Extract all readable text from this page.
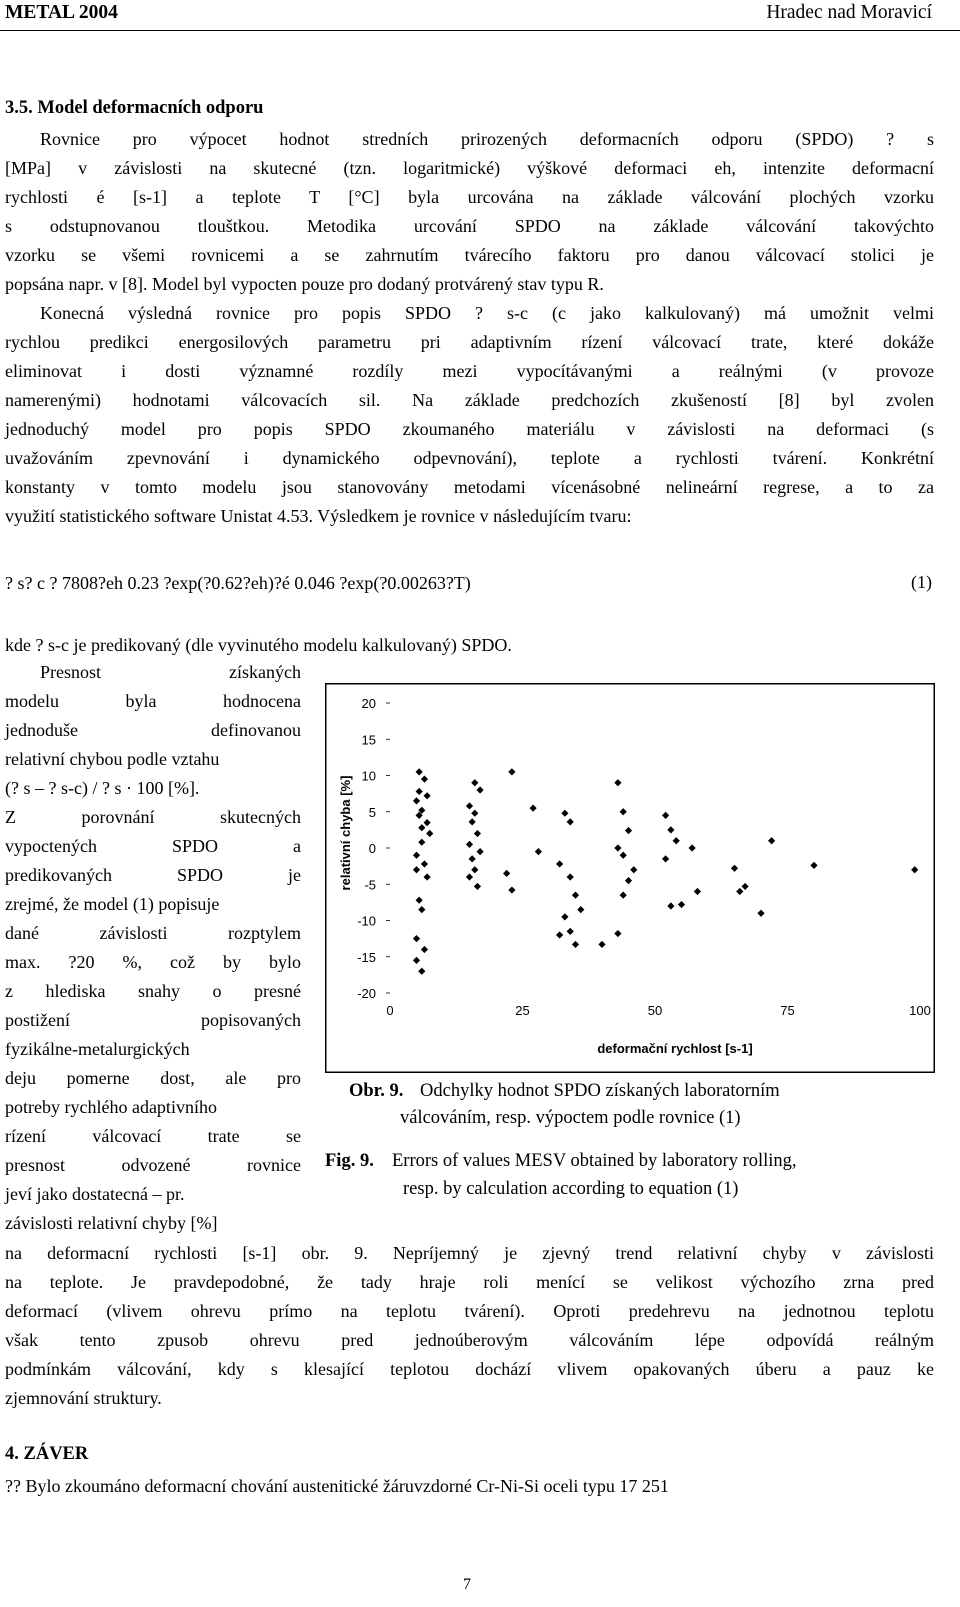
METAL 2004	Hradec nad Moravicí
3.5. Model deformacních odporu
Rovnice pro výpocet hodnot stredních prirozených deformacních odporu (SPDO) ? s
[MPa] v závislosti na skutecné (tzn. logaritmické) výškové deformaci eh, intenzite deformacní
rychlosti é [s-1] a teplote T [°C] byla urcována na základe válcování plochých vzorku
s odstupnovanou tlouštkou. Metodika urcování SPDO na základe válcování takovýchto
vzorku se všemi rovnicemi a se zahrnutím tvárecího faktoru pro danou válcovací stolici je
popsána napr. v [8]. Model byl vypocten pouze pro dodaný protvárený stav typu R.
Konecná výsledná rovnice pro popis SPDO ? s-c (c jako kalkulovaný) má umožnit velmi
rychlou predikci energosilových parametru pri adaptivním rízení válcovací trate, které dokáže
eliminovat i dosti významné rozdíly mezi vypocítávanými a reálnými (v provoze
namerenými) hodnotami válcovacích sil. Na základe predchozích zkušeností [8] byl zvolen
jednoduchý model pro popis SPDO zkoumaného materiálu v závislosti na deformaci (s
uvažováním zpevnování i dynamického odpevnování), teplote a rychlosti tvárení. Konkrétní
konstanty v tomto modelu jsou stanovovány metodami vícenásobné nelineární regrese, a to za
využití statistického software Unistat 4.53. Výsledkem je rovnice v následujícím tvaru:
? s? c ? 7808?eh 0.23 ?exp(?0.62?eh)?é 0.046 ?exp(?0.00263?T)	(1)
kde ? s-c je predikovaný (dle vyvinutého modelu kalkulovaný) SPDO.
Presnost získaných
modelu byla hodnocena
jednoduše definovanou
relativní chybou podle vztahu
(? s – ? s-c) / ? s · 100 [%].
Z porovnání skutecných
vypoctených SPDO a
predikovaných SPDO je
zrejmé, že model (1) popisuje
dané závislosti rozptylem
max. ?20 %, což by bylo
z hlediska snahy o presné
postižení popisovaných
fyzikálne-metalurgických
deju pomerne dost, ale pro
potreby rychlého adaptivního
rízení válcovací trate se
presnost odvozené rovnice
jeví jako dostatecná – pr.
závislosti relativní chyby [%]
20
15
10
5
0
-5
-10
-15
-20
0	25	50	75	100
relativní chyba [%]
deformační rychlost [s-1]
Obr. 9. Odchylky hodnot SPDO získaných laboratorním
válcováním, resp. výpoctem podle rovnice (1)
Fig. 9. Errors of values MESV obtained by laboratory rolling,
resp. by calculation according to equation (1)
na deformacní rychlosti [s-1] obr. 9. Nepríjemný je zjevný trend relativní chyby v závislosti
na teplote. Je pravdepodobné, že tady hraje roli menící se velikost výchozího zrna pred
deformací (vlivem ohrevu prímo na teplotu tvárení). Oproti predehrevu na jednotnou teplotu
však tento zpusob ohrevu pred jednoúberovým válcováním lépe odpovídá reálným
podmínkám válcování, kdy s klesající teplotou dochází vlivem opakovaných úberu a pauz ke
zjemnování struktury.
4. ZÁVER
?? Bylo zkoumáno deformacní chování austenitické žáruvzdorné Cr-Ni-Si oceli typu 17 251
7
